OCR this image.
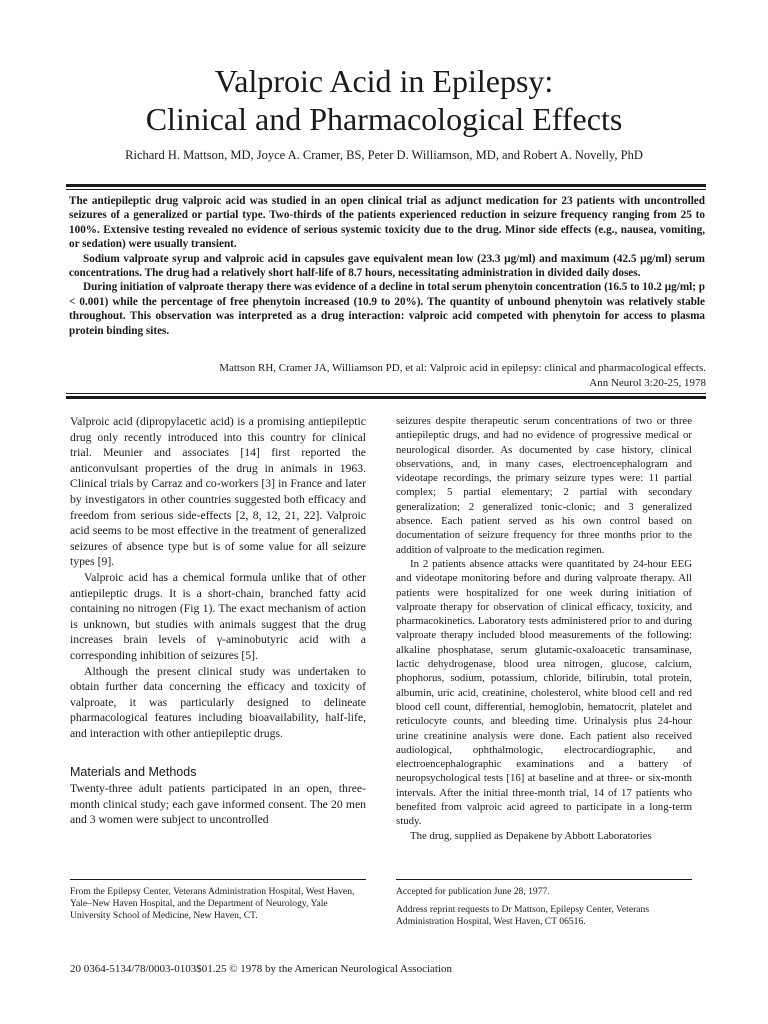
Valproic Acid in Epilepsy:
Clinical and Pharmacological Effects
Richard H. Mattson, MD, Joyce A. Cramer, BS, Peter D. Williamson, MD, and Robert A. Novelly, PhD

The antiepileptic drug valproic acid was studied in an open clinical trial as adjunct medication for 23 patients with uncontrolled seizures of a generalized or partial type. Two-thirds of the patients experienced reduction in seizure frequency ranging from 25 to 100%. Extensive testing revealed no evidence of serious systemic toxicity due to the drug. Minor side effects (e.g., nausea, vomiting, or sedation) were usually transient.

Sodium valproate syrup and valproic acid in capsules gave equivalent mean low (23.3 µg/ml) and maximum (42.5 µg/ml) serum concentrations. The drug had a relatively short half-life of 8.7 hours, necessitating administration in divided daily doses.

During initiation of valproate therapy there was evidence of a decline in total serum phenytoin concentration (16.5 to 10.2 µg/ml; p < 0.001) while the percentage of free phenytoin increased (10.9 to 20%). The quantity of unbound phenytoin was relatively stable throughout. This observation was interpreted as a drug interaction: valproic acid competed with phenytoin for access to plasma protein binding sites.

Mattson RH, Cramer JA, Williamson PD, et al: Valproic acid in epilepsy: clinical and pharmacological effects.
Ann Neurol 3:20-25, 1978

Valproic acid (dipropylacetic acid) is a promising antiepileptic drug only recently introduced into this country for clinical trial. Meunier and associates [14] first reported the anticonvulsant properties of the drug in animals in 1963. Clinical trials by Carraz and co-workers [3] in France and later by investigators in other countries suggested both efficacy and freedom from serious side-effects [2, 8, 12, 21, 22]. Valproic acid seems to be most effective in the treatment of generalized seizures of absence type but is of some value for all seizure types [9].

Valproic acid has a chemical formula unlike that of other antiepileptic drugs. It is a short-chain, branched fatty acid containing no nitrogen (Fig 1). The exact mechanism of action is unknown, but studies with animals suggest that the drug increases brain levels of γ-aminobutyric acid with a corresponding inhibition of seizures [5].

Although the present clinical study was undertaken to obtain further data concerning the efficacy and toxicity of valproate, it was particularly designed to delineate pharmacological features including bioavailability, half-life, and interaction with other antiepileptic drugs.

Materials and Methods

Twenty-three adult patients participated in an open, three-month clinical study; each gave informed consent. The 20 men and 3 women were subject to uncontrolled

seizures despite therapeutic serum concentrations of two or three antiepileptic drugs, and had no evidence of progressive medical or neurological disorder. As documented by case history, clinical observations, and, in many cases, electroencephalogram and videotape recordings, the primary seizure types were: 11 partial complex; 5 partial elementary; 2 partial with secondary generalization; 2 generalized tonic-clonic; and 3 generalized absence. Each patient served as his own control based on documentation of seizure frequency for three months prior to the addition of valproate to the medication regimen.

In 2 patients absence attacks were quantitated by 24-hour EEG and videotape monitoring before and during valproate therapy. All patients were hospitalized for one week during initiation of valproate therapy for observation of clinical efficacy, toxicity, and pharmacokinetics. Laboratory tests administered prior to and during valproate therapy included blood measurements of the following: alkaline phosphatase, serum glutamic-oxaloacetic transaminase, lactic dehydrogenase, blood urea nitrogen, glucose, calcium, phophorus, sodium, potassium, chloride, bilirubin, total protein, albumin, uric acid, creatinine, cholesterol, white blood cell and red blood cell count, differential, hemoglobin, hematocrit, platelet and reticulocyte counts, and bleeding time. Urinalysis plus 24-hour urine creatinine analysis were done. Each patient also received audiological, ophthalmologic, electrocardiographic, and electroencephalographic examinations and a battery of neuropsychological tests [16] at baseline and at three- or six-month intervals. After the initial three-month trial, 14 of 17 patients who benefited from valproic acid agreed to participate in a long-term study.

The drug, supplied as Depakene by Abbott Laboratories

From the Epilepsy Center, Veterans Administration Hospital, West Haven, Yale–New Haven Hospital, and the Department of Neurology, Yale University School of Medicine, New Haven, CT.

Accepted for publication June 28, 1977.

Address reprint requests to Dr Mattson, Epilepsy Center, Veterans Administration Hospital, West Haven, CT 06516.

20 0364-5134/78/0003-0103$01.25 © 1978 by the American Neurological Association
